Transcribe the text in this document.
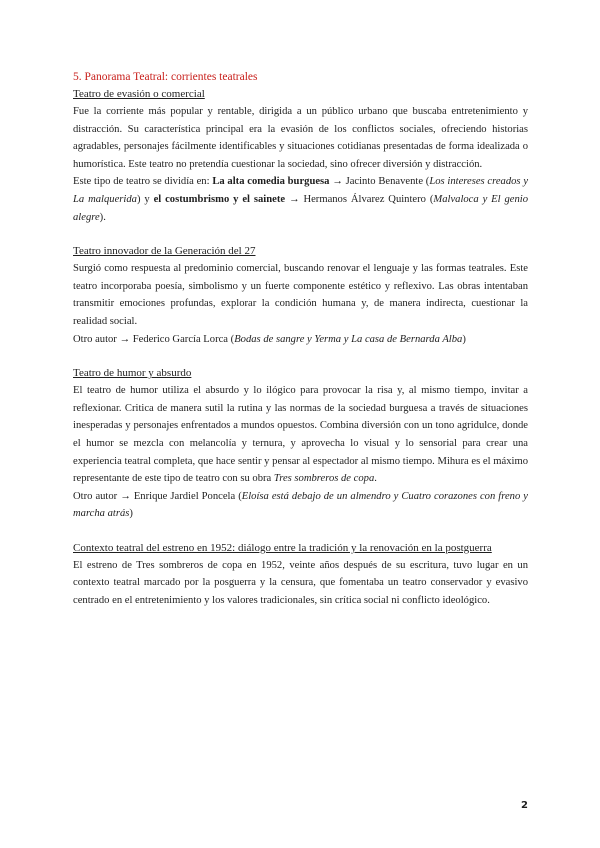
5. Panorama Teatral: corrientes teatrales
Teatro de evasión o comercial

Fue la corriente más popular y rentable, dirigida a un público urbano que buscaba entretenimiento y distracción. Su característica principal era la evasión de los conflictos sociales, ofreciendo historias agradables, personajes fácilmente identificables y situaciones cotidianas presentadas de forma idealizada o humorística. Este teatro no pretendía cuestionar la sociedad, sino ofrecer diversión y distracción.

Este tipo de teatro se dividía en: La alta comedia burguesa → Jacinto Benavente (Los intereses creados y La malquerida) y el costumbrismo y el sainete → Hermanos Álvarez Quintero (Malvaloca y El genio alegre).

Teatro innovador de la Generación del 27

Surgió como respuesta al predominio comercial, buscando renovar el lenguaje y las formas teatrales. Este teatro incorporaba poesía, simbolismo y un fuerte componente estético y reflexivo. Las obras intentaban transmitir emociones profundas, explorar la condición humana y, de manera indirecta, cuestionar la realidad social.

Otro autor → Federico García Lorca (Bodas de sangre y Yerma y La casa de Bernarda Alba)

Teatro de humor y absurdo

El teatro de humor utiliza el absurdo y lo ilógico para provocar la risa y, al mismo tiempo, invitar a reflexionar. Critica de manera sutil la rutina y las normas de la sociedad burguesa a través de situaciones inesperadas y personajes enfrentados a mundos opuestos. Combina diversión con un tono agridulce, donde el humor se mezcla con melancolía y ternura, y aprovecha lo visual y lo sensorial para crear una experiencia teatral completa, que hace sentir y pensar al espectador al mismo tiempo. Mihura es el máximo representante de este tipo de teatro con su obra Tres sombreros de copa.

Otro autor → Enrique Jardiel Poncela (Eloísa está debajo de un almendro y Cuatro corazones con freno y marcha atrás)

Contexto teatral del estreno en 1952: diálogo entre la tradición y la renovación en la postguerra

El estreno de Tres sombreros de copa en 1952, veinte años después de su escritura, tuvo lugar en un contexto teatral marcado por la posguerra y la censura, que fomentaba un teatro conservador y evasivo centrado en el entretenimiento y los valores tradicionales, sin crítica social ni conflicto ideológico.

2
